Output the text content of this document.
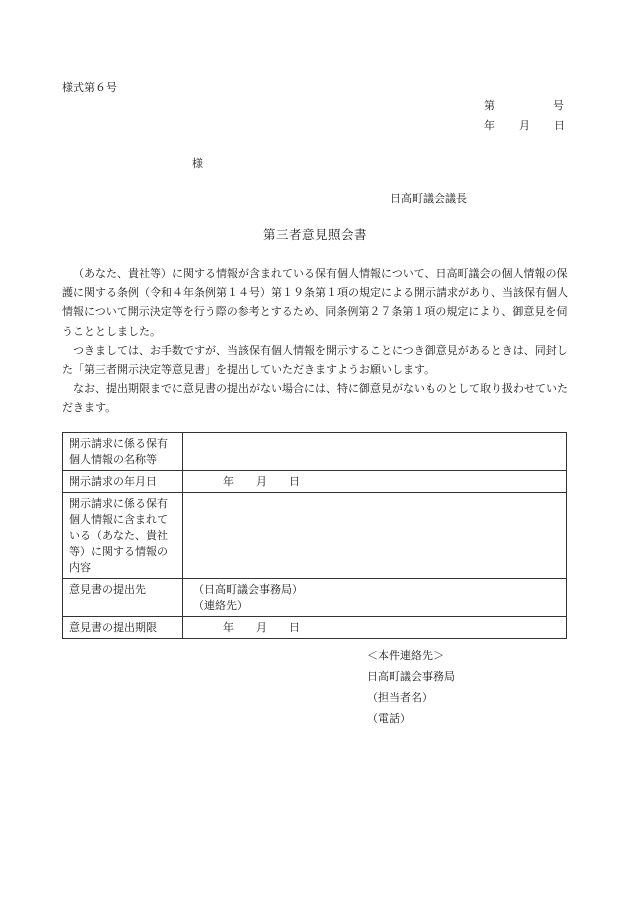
様式第６号
第	号
年 月 日
様
日高町議会議長
第三者意見照会書

（あなた、貴社等）に関する情報が含まれている保有個人情報について、日高町議会の個人情報の保護に関する条例（令和４年条例第１４号）第１９条第１項の規定による開示請求があり、当該保有個人情報について開示決定等を行う際の参考とするため、同条例第２７条第１項の規定により、御意見を伺うこととしました。

つきましては、お手数ですが、当該保有個人情報を開示することにつき御意見があるときは、同封した「第三者開示決定等意見書」を提出していただきますようお願いします。

なお、提出期限までに意見書の提出がない場合には、特に御意見がないものとして取り扱わせていただきます。

開示請求に係る保有個人情報の名称等	
開示請求の年月日	年　　月　　日
開示請求に係る保有個人情報に含まれている（あなた、貴社等）に関する情報の内容	
意見書の提出先	（日高町議会事務局）
（連絡先）

意見書の提出期限	年　　月　　日
＜本件連絡先＞
日高町議会事務局
（担当者名）
（電話）
